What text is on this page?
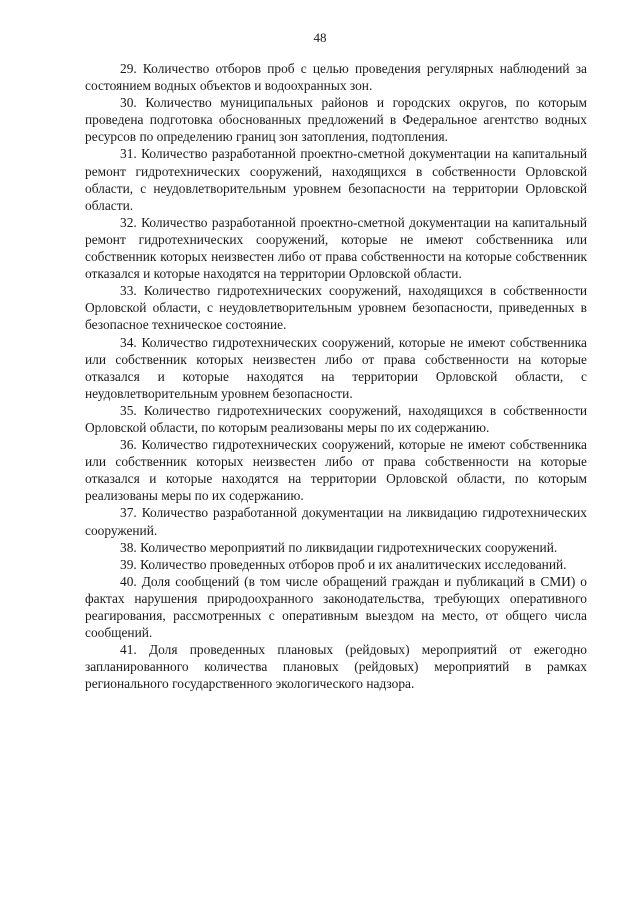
48

29. Количество отборов проб с целью проведения регулярных наблюдений за состоянием водных объектов и водоохранных зон.

30. Количество муниципальных районов и городских округов, по которым проведена подготовка обоснованных предложений в Федеральное агентство водных ресурсов по определению границ зон затопления, подтопления.

31. Количество разработанной проектно-сметной документации на капитальный ремонт гидротехнических сооружений, находящихся в собственности Орловской области, с неудовлетворительным уровнем безопасности на территории Орловской области.

32. Количество разработанной проектно-сметной документации на капитальный ремонт гидротехнических сооружений, которые не имеют собственника или собственник которых неизвестен либо от права собственности на которые собственник отказался и которые находятся на территории Орловской области.

33. Количество гидротехнических сооружений, находящихся в собственности Орловской области, с неудовлетворительным уровнем безопасности, приведенных в безопасное техническое состояние.

34. Количество гидротехнических сооружений, которые не имеют собственника или собственник которых неизвестен либо от права собственности на которые отказался и которые находятся на территории Орловской области, с неудовлетворительным уровнем безопасности.

35. Количество гидротехнических сооружений, находящихся в собственности Орловской области, по которым реализованы меры по их содержанию.

36. Количество гидротехнических сооружений, которые не имеют собственника или собственник которых неизвестен либо от права собственности на которые отказался и которые находятся на территории Орловской области, по которым реализованы меры по их содержанию.

37. Количество разработанной документации на ликвидацию гидротехнических сооружений.

38. Количество мероприятий по ликвидации гидротехнических сооружений.

39. Количество проведенных отборов проб и их аналитических исследований.

40. Доля сообщений (в том числе обращений граждан и публикаций в СМИ) о фактах нарушения природоохранного законодательства, требующих оперативного реагирования, рассмотренных с оперативным выездом на место, от общего числа сообщений.

41. Доля проведенных плановых (рейдовых) мероприятий от ежегодно запланированного количества плановых (рейдовых) мероприятий в рамках регионального государственного экологического надзора.
